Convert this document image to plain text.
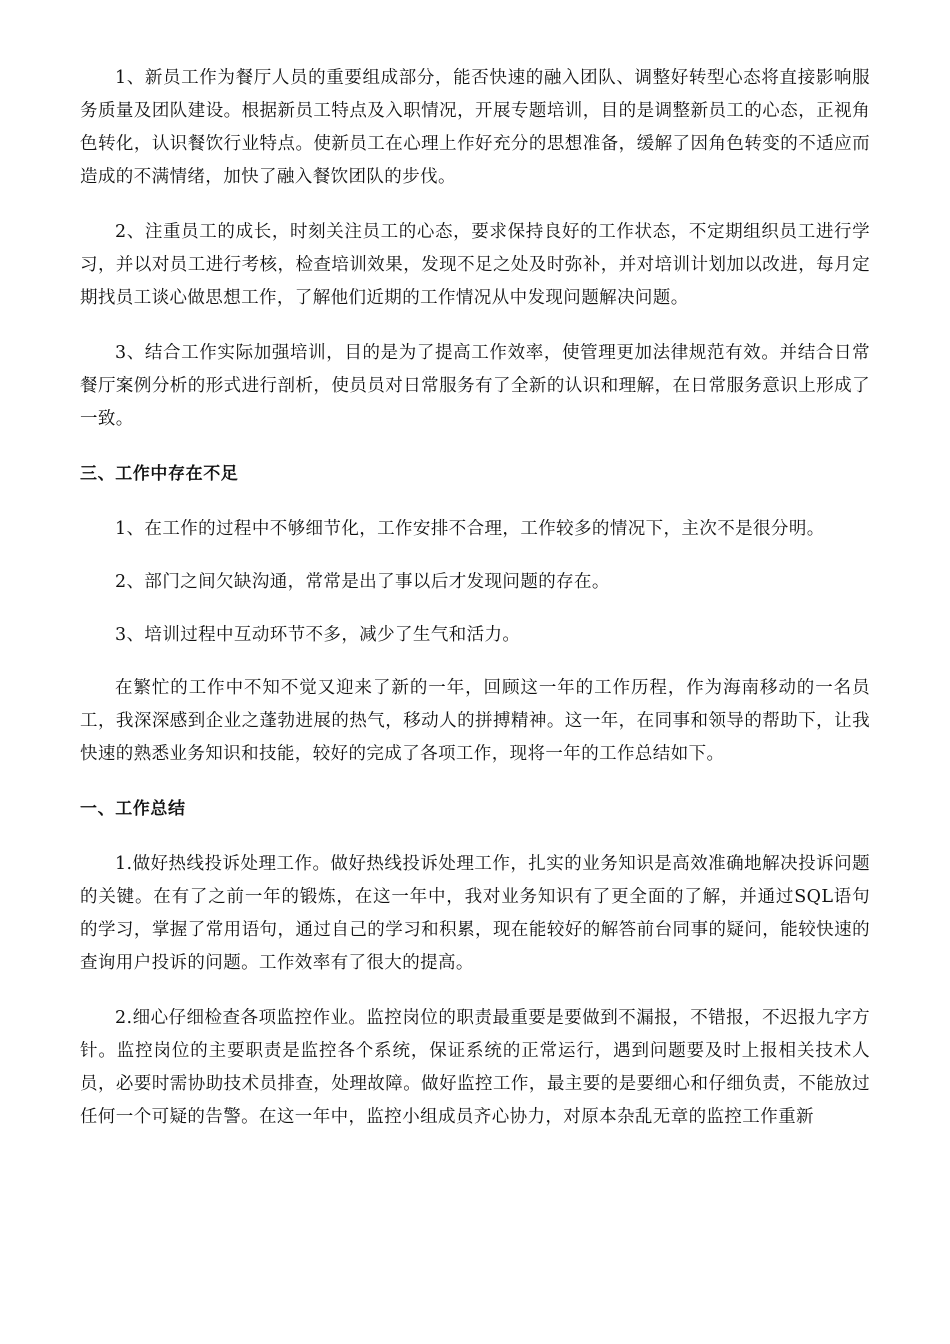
1、新员工作为餐厅人员的重要组成部分，能否快速的融入团队、调整好转型心态将直接影响服务质量及团队建设。根据新员工特点及入职情况，开展专题培训，目的是调整新员工的心态，正视角色转化，认识餐饮行业特点。使新员工在心理上作好充分的思想准备，缓解了因角色转变的不适应而造成的不满情绪，加快了融入餐饮团队的步伐。

2、注重员工的成长，时刻关注员工的心态，要求保持良好的工作状态，不定期组织员工进行学习，并以对员工进行考核，检查培训效果，发现不足之处及时弥补，并对培训计划加以改进，每月定期找员工谈心做思想工作，了解他们近期的工作情况从中发现问题解决问题。

3、结合工作实际加强培训，目的是为了提高工作效率，使管理更加法律规范有效。并结合日常餐厅案例分析的形式进行剖析，使员员对日常服务有了全新的认识和理解，在日常服务意识上形成了一致。

三、工作中存在不足

1、在工作的过程中不够细节化，工作安排不合理，工作较多的情况下，主次不是很分明。

2、部门之间欠缺沟通，常常是出了事以后才发现问题的存在。

3、培训过程中互动环节不多，减少了生气和活力。

在繁忙的工作中不知不觉又迎来了新的一年，回顾这一年的工作历程，作为海南移动的一名员工，我深深感到企业之蓬勃进展的热气，移动人的拼搏精神。这一年，在同事和领导的帮助下，让我快速的熟悉业务知识和技能，较好的完成了各项工作，现将一年的工作总结如下。

一、工作总结

1.做好热线投诉处理工作。做好热线投诉处理工作，扎实的业务知识是高效准确地解决投诉问题的关键。在有了之前一年的锻炼，在这一年中，我对业务知识有了更全面的了解，并通过SQL语句的学习，掌握了常用语句，通过自己的学习和积累，现在能较好的解答前台同事的疑问，能较快速的查询用户投诉的问题。工作效率有了很大的提高。

2.细心仔细检查各项监控作业。监控岗位的职责最重要是要做到不漏报，不错报，不迟报九字方针。监控岗位的主要职责是监控各个系统，保证系统的正常运行，遇到问题要及时上报相关技术人员，必要时需协助技术员排查，处理故障。做好监控工作，最主要的是要细心和仔细负责，不能放过任何一个可疑的告警。在这一年中，监控小组成员齐心协力，对原本杂乱无章的监控工作重新
